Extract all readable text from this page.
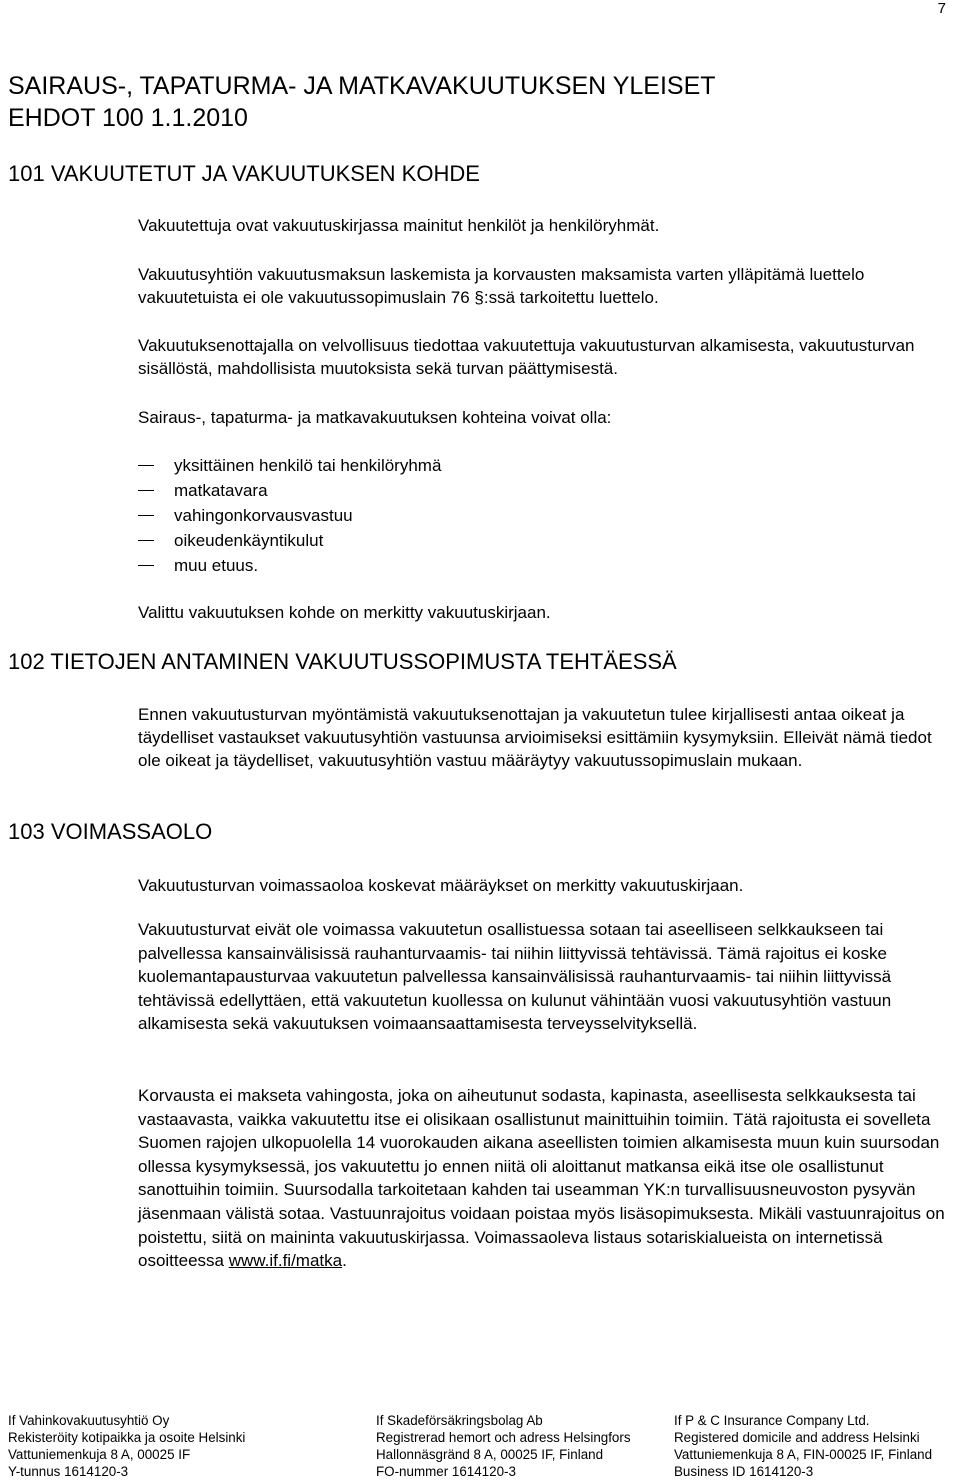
7
SAIRAUS-, TAPATURMA- JA MATKAVAKUUTUKSEN YLEISET
EHDOT 100 1.1.2010
101 VAKUUTETUT JA VAKUUTUKSEN KOHDE

Vakuutettuja ovat vakuutuskirjassa mainitut henkilöt ja henkilöryhmät.

Vakuutusyhtiön vakuutusmaksun laskemista ja korvausten maksamista varten ylläpitämä luettelo vakuutetuista ei ole vakuutussopimuslain 76 §:ssä tarkoitettu luettelo.

Vakuutuksenottajalla on velvollisuus tiedottaa vakuutettuja vakuutusturvan alkamisesta, vakuutusturvan sisällöstä, mahdollisista muutoksista sekä turvan päättymisestä.

Sairaus-, tapaturma- ja matkavakuutuksen kohteina voivat olla:

yksittäinen henkilö tai henkilöryhmä
matkatavara
vahingonkorvausvastuu
oikeudenkäyntikulut
muu etuus.

Valittu vakuutuksen kohde on merkitty vakuutuskirjaan.

102 TIETOJEN ANTAMINEN VAKUUTUSSOPIMUSTA TEHTÄESSÄ

Ennen vakuutusturvan myöntämistä vakuutuksenottajan ja vakuutetun tulee kirjallisesti antaa oikeat ja täydelliset vastaukset vakuutusyhtiön vastuunsa arvioimiseksi esittämiin kysymyksiin. Elleivät nämä tiedot ole oikeat ja täydelliset, vakuutusyhtiön vastuu määräytyy vakuutussopimuslain mukaan.

103 VOIMASSAOLO

Vakuutusturvan voimassaoloa koskevat määräykset on merkitty vakuutuskirjaan.

Vakuutusturvat eivät ole voimassa vakuutetun osallistuessa sotaan tai aseelliseen selkkaukseen tai palvellessa kansainvälisissä rauhanturvaamis- tai niihin liittyvissä tehtävissä. Tämä rajoitus ei koske kuolemantapausturvaa vakuutetun palvellessa kansainvälisissä rauhanturvaamis- tai niihin liittyvissä tehtävissä edellyttäen, että vakuutetun kuollessa on kulunut vähintään vuosi vakuutusyhtiön vastuun alkamisesta sekä vakuutuksen voimaansaattamisesta terveysselvityksellä.

Korvausta ei makseta vahingosta, joka on aiheutunut sodasta, kapinasta, aseellisesta selkkauksesta tai vastaavasta, vaikka vakuutettu itse ei olisikaan osallistunut mainittuihin toimiin. Tätä rajoitusta ei sovelleta Suomen rajojen ulkopuolella 14 vuorokauden aikana aseellisten toimien alkamisesta muun kuin suursodan ollessa kysymyksessä, jos vakuutettu jo ennen niitä oli aloittanut matkansa eikä itse ole osallistunut sanottuihin toimiin. Suursodalla tarkoitetaan kahden tai useamman YK:n turvallisuusneuvoston pysyvän jäsenmaan välistä sotaa. Vastuunrajoitus voidaan poistaa myös lisäsopimuksesta. Mikäli vastuunrajoitus on poistettu, siitä on maininta vakuutuskirjassa. Voimassaoleva listaus sotariskialueista on internetissä osoitteessa www.if.fi/matka.

If Vahinkovakuutusyhtiö Oy
Rekisteröity kotipaikka ja osoite Helsinki
Vattuniemenkuja 8 A, 00025 IF
Y-tunnus 1614120-3
If Skadeförsäkringsbolag Ab
Registrerad hemort och adress Helsingfors
Hallonnäsgränd 8 A, 00025 IF, Finland
FO-nummer 1614120-3
If P & C Insurance Company Ltd.
Registered domicile and address Helsinki
Vattuniemenkuja 8 A, FIN-00025 IF, Finland
Business ID 1614120-3
